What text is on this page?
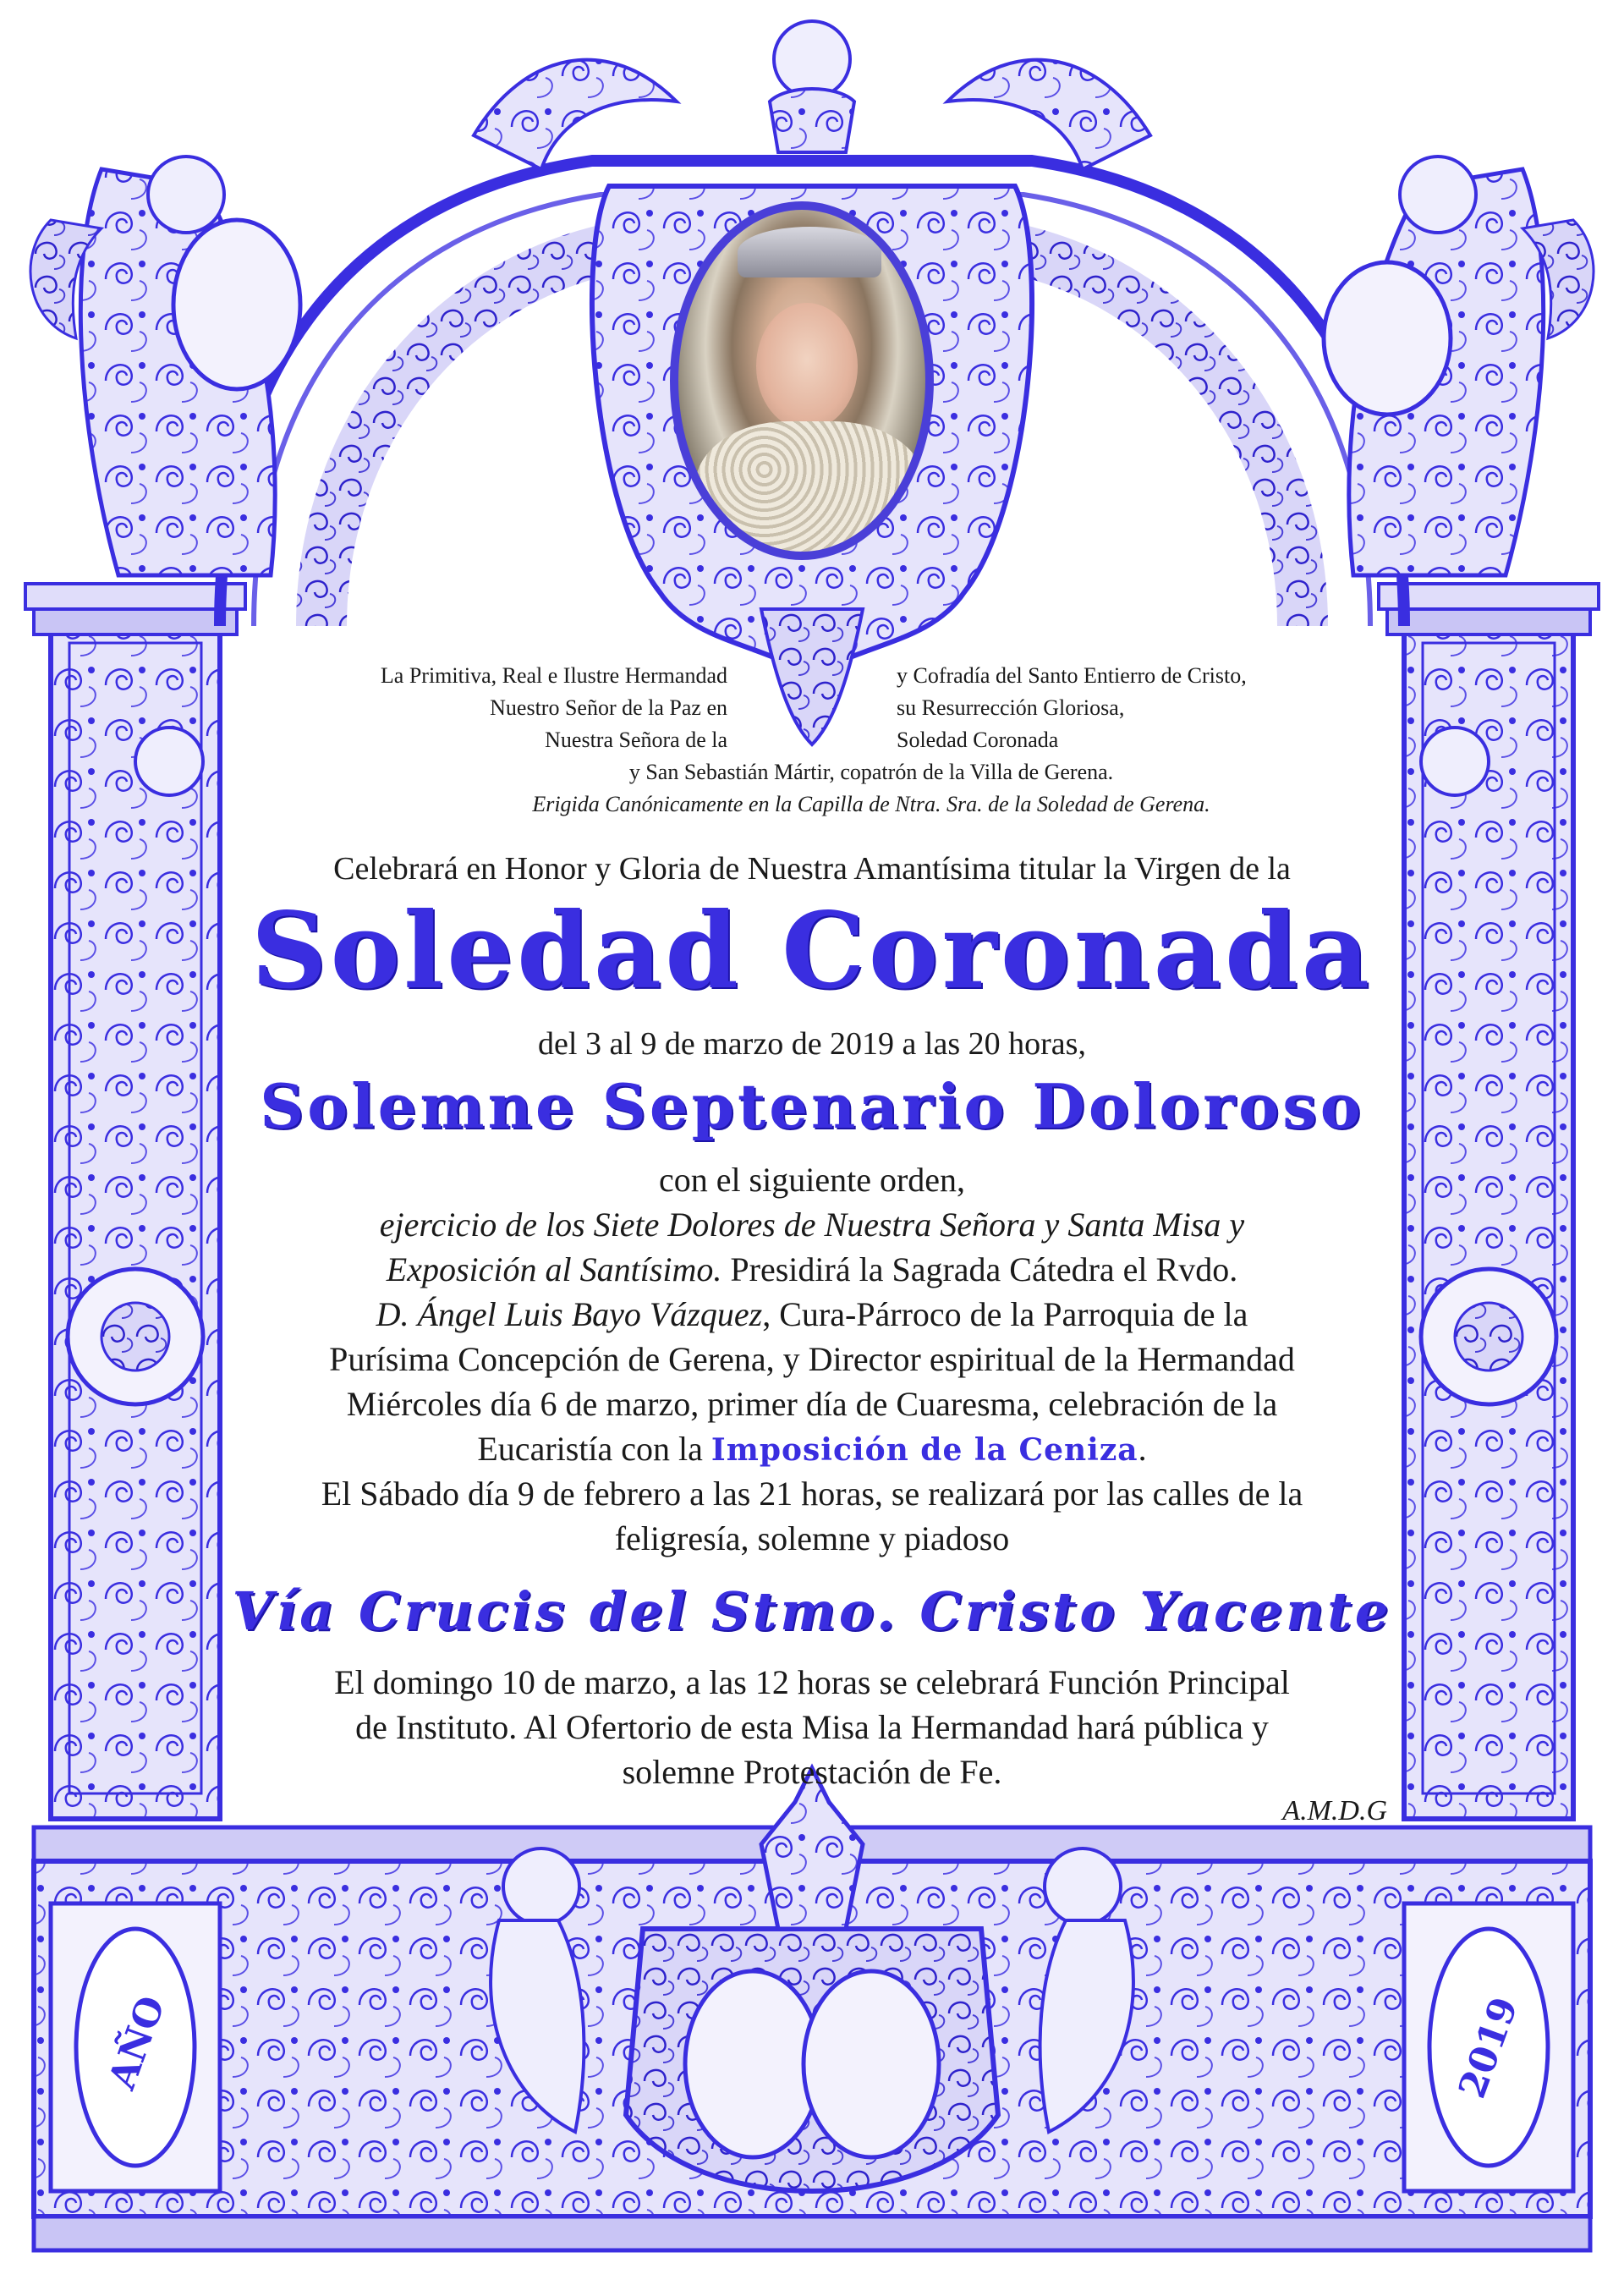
La Primitiva, Real e Ilustre Hermandad	y Cofradía del Santo Entierro de Cristo,
Nuestro Señor de la Paz en	su Resurrección Gloriosa,
Nuestra Señora de la	Soledad Coronada
y San Sebastián Mártir, copatrón de la Villa de Gerena.
Erigida Canónicamente en la Capilla de Ntra. Sra. de la Soledad de Gerena.
Celebrará en Honor y Gloria de Nuestra Amantísima titular la Virgen de la
Soledad Coronada
del 3 al 9 de marzo de 2019 a las 20 horas,
Solemne Septenario Doloroso
con el siguiente orden,
ejercicio de los Siete Dolores de Nuestra Señora y Santa Misa y
Exposición al Santísimo. Presidirá la Sagrada Cátedra el Rvdo.
D. Ángel Luis Bayo Vázquez, Cura-Párroco de la Parroquia de la
Purísima Concepción de Gerena, y Director espiritual de la Hermandad
Miércoles día 6 de marzo, primer día de Cuaresma, celebración de la
Eucaristía con la Imposición de la Ceniza.
El Sábado día 9 de febrero a las 21 horas, se realizará por las calles de la
feligresía, solemne y piadoso
Vía Crucis del Stmo. Cristo Yacente
El domingo 10 de marzo, a las 12 horas se celebrará Función Principal
de Instituto. Al Ofertorio de esta Misa la Hermandad hará pública y
solemne Protestación de Fe.
A.M.D.G
AÑO	2019
